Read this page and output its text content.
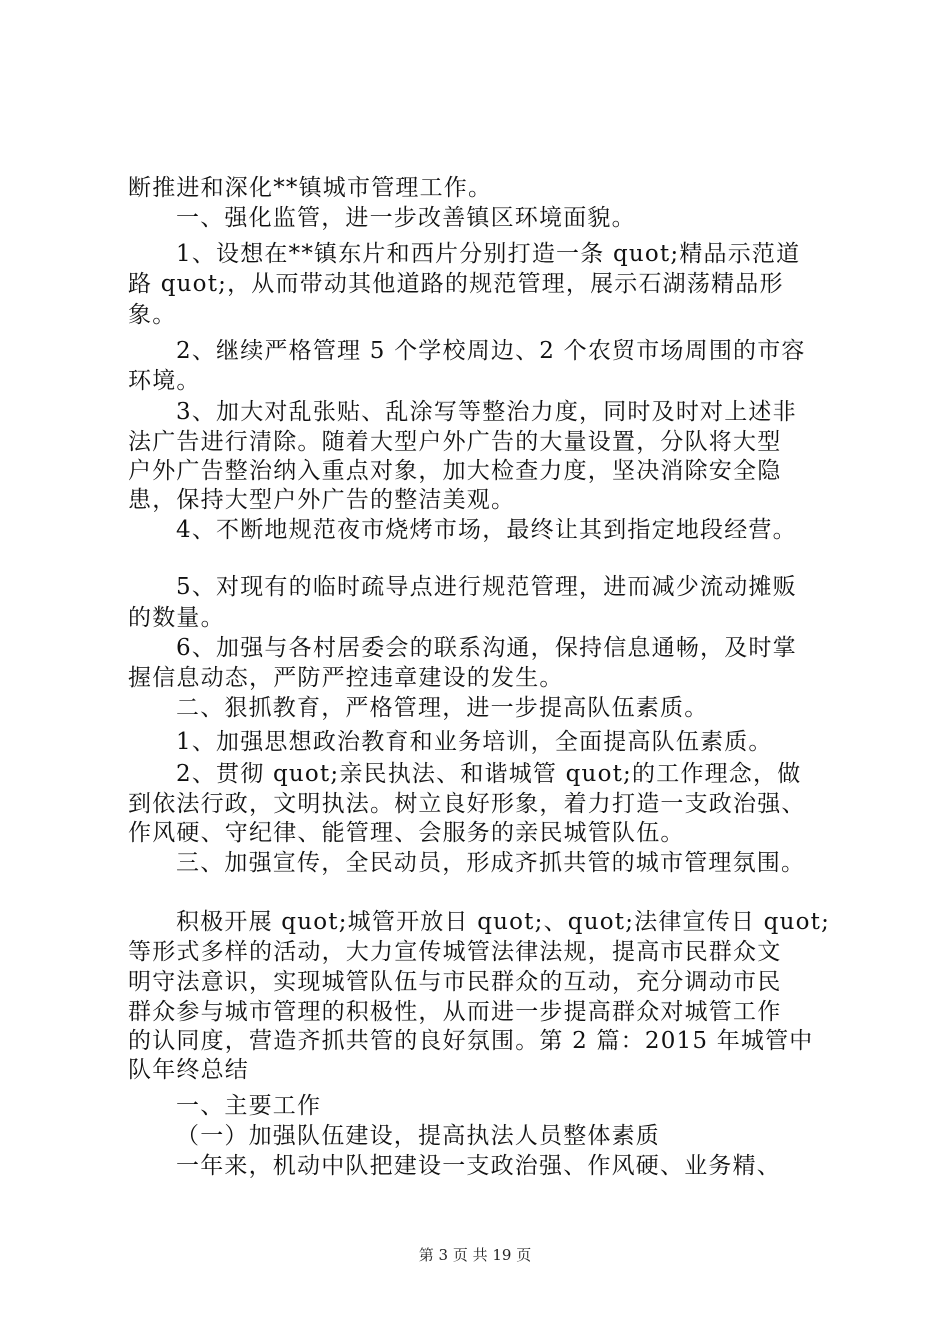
断推进和深化**镇城市管理工作。
一、强化监管，进一步改善镇区环境面貌。
1、设想在**镇东片和西片分别打造一条 quot;精品示范道
路 quot;，从而带动其他道路的规范管理，展示石湖荡精品形
象。
2、继续严格管理 5 个学校周边、2 个农贸市场周围的市容
环境。
3、加大对乱张贴、乱涂写等整治力度，同时及时对上述非
法广告进行清除。随着大型户外广告的大量设置，分队将大型
户外广告整治纳入重点对象，加大检查力度，坚决消除安全隐
患，保持大型户外广告的整洁美观。
4、不断地规范夜市烧烤市场，最终让其到指定地段经营。
5、对现有的临时疏导点进行规范管理，进而减少流动摊贩
的数量。
6、加强与各村居委会的联系沟通，保持信息通畅，及时掌
握信息动态，严防严控违章建设的发生。
二、狠抓教育，严格管理，进一步提高队伍素质。
1、加强思想政治教育和业务培训，全面提高队伍素质。
2、贯彻 quot;亲民执法、和谐城管 quot;的工作理念，做
到依法行政，文明执法。树立良好形象，着力打造一支政治强、
作风硬、守纪律、能管理、会服务的亲民城管队伍。
三、加强宣传，全民动员，形成齐抓共管的城市管理氛围。
积极开展 quot;城管开放日 quot;、quot;法律宣传日 quot;
等形式多样的活动，大力宣传城管法律法规，提高市民群众文
明守法意识，实现城管队伍与市民群众的互动，充分调动市民
群众参与城市管理的积极性，从而进一步提高群众对城管工作
的认同度，营造齐抓共管的良好氛围。第 2 篇：2015 年城管中
队年终总结
一、主要工作
（一）加强队伍建设，提高执法人员整体素质
一年来，机动中队把建设一支政治强、作风硬、业务精、
第 3 页 共 19 页
